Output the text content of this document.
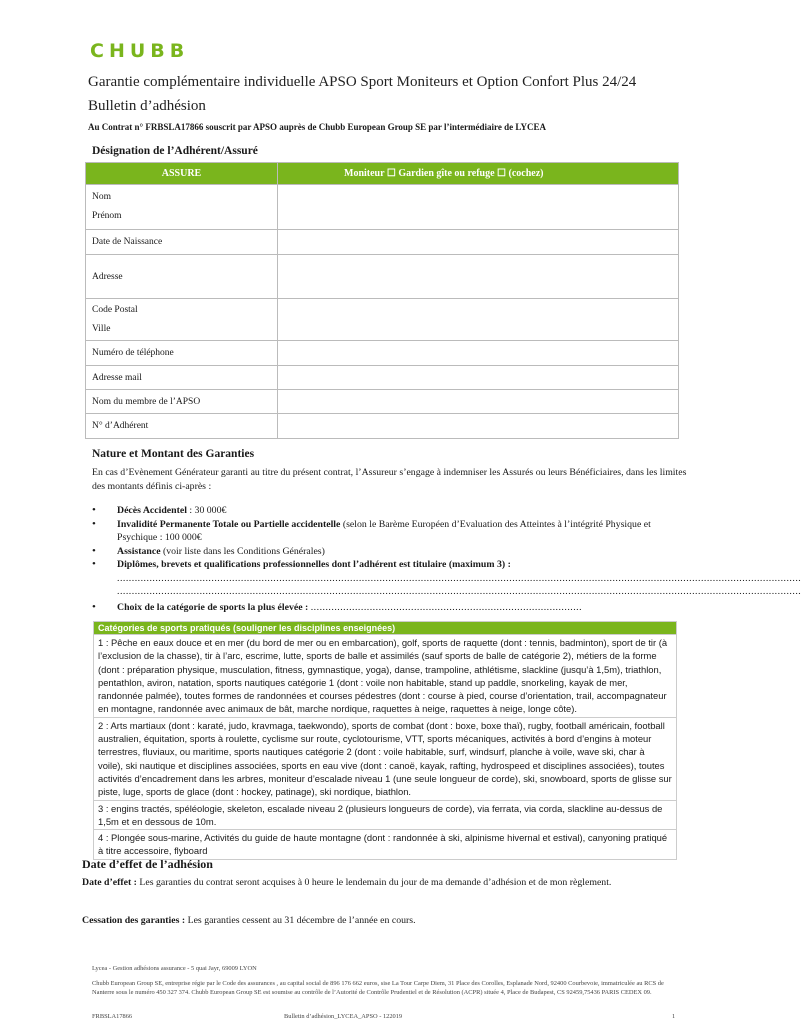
CHUBB
Garantie complémentaire individuelle APSO Sport Moniteurs et Option Confort Plus 24/24
Bulletin d’adhésion
Au Contrat n° FRBSLA17866 souscrit par APSO auprès de Chubb European Group SE par l’intermédiaire de LYCEA
Désignation de l’Adhérent/Assuré
ASSURE	Moniteur ☐ Gardien gîte ou refuge ☐ (cochez)

Nom
Prénom	

Date de Naissance	
Adresse	

Code Postal
Ville	

Numéro de téléphone	
Adresse mail	
Nom du membre de l’APSO	
N° d’Adhérent	
Nature et Montant des Garanties
En cas d’Evènement Générateur garanti au titre du présent contrat, l’Assureur s’engage à indemniser les Assurés ou leurs Bénéficiaires, dans les limites des montants définis ci-après :
• Décès Accidentel : 30 000€
• Invalidité Permanente Totale ou Partielle accidentelle (selon le Barème Européen d’Evaluation des Atteintes à l’intégrité Physique et Psychique : 100 000€
• Assistance (voir liste dans les Conditions Générales)
• Diplômes, brevets et qualifications professionnelles dont l’adhérent est titulaire (maximum 3) :
........................................................................................................................................................................................................................................
........................................................................................................................................................................................................................................
• Choix de la catégorie de sports la plus élevée : ............................................................................................
Catégories de sports pratiqués (souligner les disciplines enseignées)
1 : Pêche en eaux douce et en mer (du bord de mer ou en embarcation), golf, sports de raquette (dont : tennis, badminton), sport de tir (à l’exclusion de la chasse), tir à l’arc, escrime, lutte, sports de balle et assimilés (sauf sports de balle de catégorie 2), métiers de la forme (dont : préparation physique, musculation, fitness, gymnastique, yoga), danse, trampoline, athlétisme, slackline (jusqu’à 1,5m), triathlon, pentathlon, aviron, natation, sports nautiques catégorie 1 (dont : voile non habitable, stand up paddle, snorkeling, kayak de mer, randonnée palmée), toutes formes de randonnées et courses pédestres (dont : course à pied, course d’orientation, trail, accompagnateur en montagne, randonnée avec animaux de bât, marche nordique, raquettes à neige, raquettes à neige, longe côte).
2 : Arts martiaux (dont : karaté, judo, kravmaga, taekwondo), sports de combat (dont : boxe, boxe thaï), rugby, football américain, football australien, équitation, sports à roulette, cyclisme sur route, cyclotourisme, VTT, sports mécaniques, activités à bord d’engins à moteur terrestres, fluviaux, ou maritime, sports nautiques catégorie 2 (dont : voile habitable, surf, windsurf, planche à voile, wave ski, char à voile), ski nautique et disciplines associées, sports en eau vive (dont : canoë, kayak, rafting, hydrospeed et disciplines associées), toutes activités d’encadrement dans les arbres, moniteur d’escalade niveau 1 (une seule longueur de corde), ski, snowboard, sports de glisse sur piste, luge, sports de glace (dont : hockey, patinage), ski nordique, biathlon.
3 : engins tractés, spéléologie, skeleton, escalade niveau 2 (plusieurs longueurs de corde), via ferrata, via corda, slackline au-dessus de 1,5m et en dessous de 10m.
4 : Plongée sous-marine, Activités du guide de haute montagne (dont : randonnée à ski, alpinisme hivernal et estival), canyoning pratiqué à titre accessoire, flyboard
Date d’effet de l’adhésion
Date d’effet : Les garanties du contrat seront acquises à 0 heure le lendemain du jour de ma demande d’adhésion et de mon règlement.
Cessation des garanties : Les garanties cessent au 31 décembre de l’année en cours.
Lycea - Gestion adhésions assurance - 5 quai Jayr, 69009 LYON
Chubb European Group SE, entreprise régie par le Code des assurances , au capital social de 896 176 662 euros, sise La Tour Carpe Diem, 31 Place des Corolles, Esplanade Nord, 92400 Courbevoie, immatriculée au RCS de Nanterre sous le numéro 450 327 374. Chubb European Group SE est soumise au contrôle de l’Autorité de Contrôle Prudentiel et de Résolution (ACPR) située 4, Place de Budapest, CS 92459,75436 PARIS CEDEX 09.
FRBSLA17866	Bulletin d’adhésion_LYCEA_APSO - 122019	1
